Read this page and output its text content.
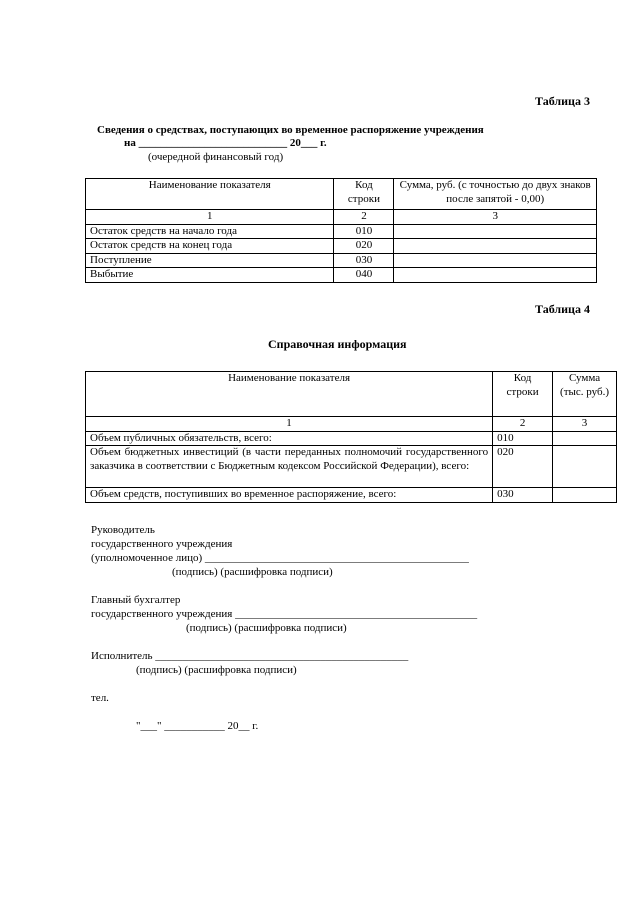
Таблица 3
Сведения о средствах, поступающих во временное распоряжение учреждения
на ___________________________ 20___ г.
(очередной финансовый год)
Наименование показателя	Код строки	Сумма, руб. (с точностью до двух знаков после запятой - 0,00)
1	2	3
Остаток средств на начало года	010	
Остаток средств на конец года	020	
Поступление	030	
Выбытие	040	
Таблица 4
Справочная информация
Наименование показателя	Код строки	Сумма (тыс. руб.)
1	2	3
Объем публичных обязательств, всего:	010	
Объем бюджетных инвестиций (в части переданных полномочий государственного заказчика в соответствии с Бюджетным кодексом Российской Федерации), всего:	020	
Объем средств, поступивших во временное распоряжение, всего:	030	
Руководитель
государственного учреждения
(уполномоченное лицо) ________________________________________________
(подпись) (расшифровка подписи)
Главный бухгалтер
государственного учреждения ____________________________________________
(подпись) (расшифровка подписи)
Исполнитель ______________________________________________
(подпись) (расшифровка подписи)
тел.
"___" ___________ 20__ г.
